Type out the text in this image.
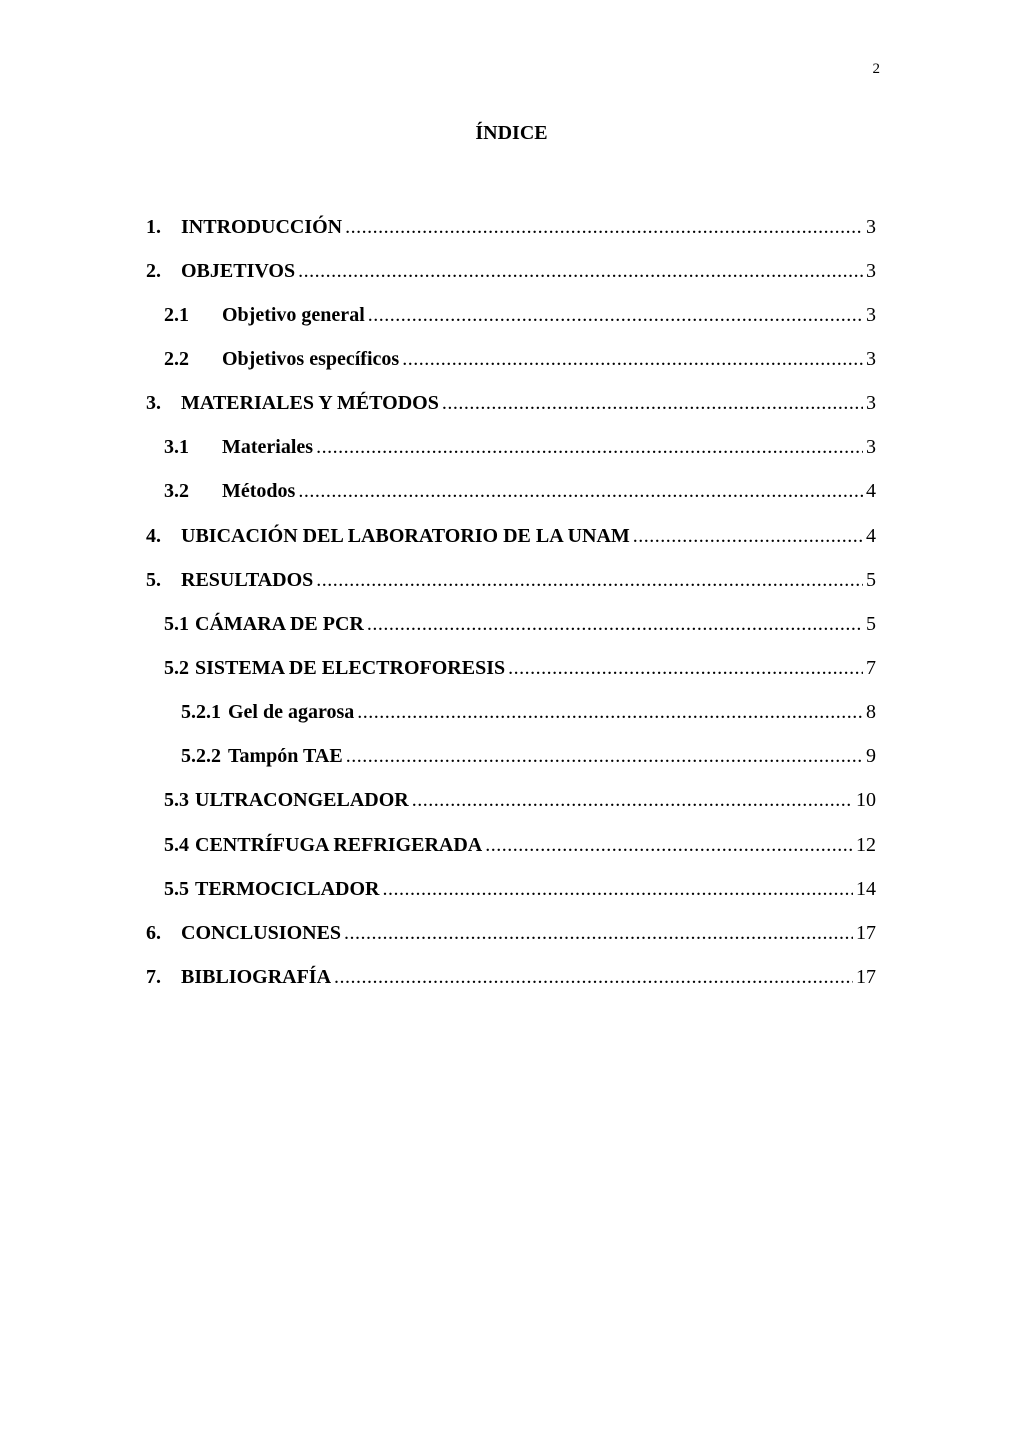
2
ÍNDICE
1.	INTRODUCCIÓN .....	3
2.	OBJETIVOS .....	3
2.1	Objetivo general .....	3
2.2	Objetivos específicos .....	3
3.	MATERIALES Y MÉTODOS .....	3
3.1	Materiales .....	3
3.2	Métodos .....	4
4.	UBICACIÓN DEL LABORATORIO DE LA UNAM .....	4
5.	RESULTADOS .....	5
5.1 CÁMARA DE PCR .....	5
5.2 SISTEMA DE ELECTROFORESIS .....	7
5.2.1 Gel de agarosa .....	8
5.2.2 Tampón TAE .....	9
5.3 ULTRACONGELADOR .....	10
5.4 CENTRÍFUGA REFRIGERADA .....	12
5.5 TERMOCICLADOR .....	14
6.	CONCLUSIONES .....	17
7.	BIBLIOGRAFÍA .....	17
